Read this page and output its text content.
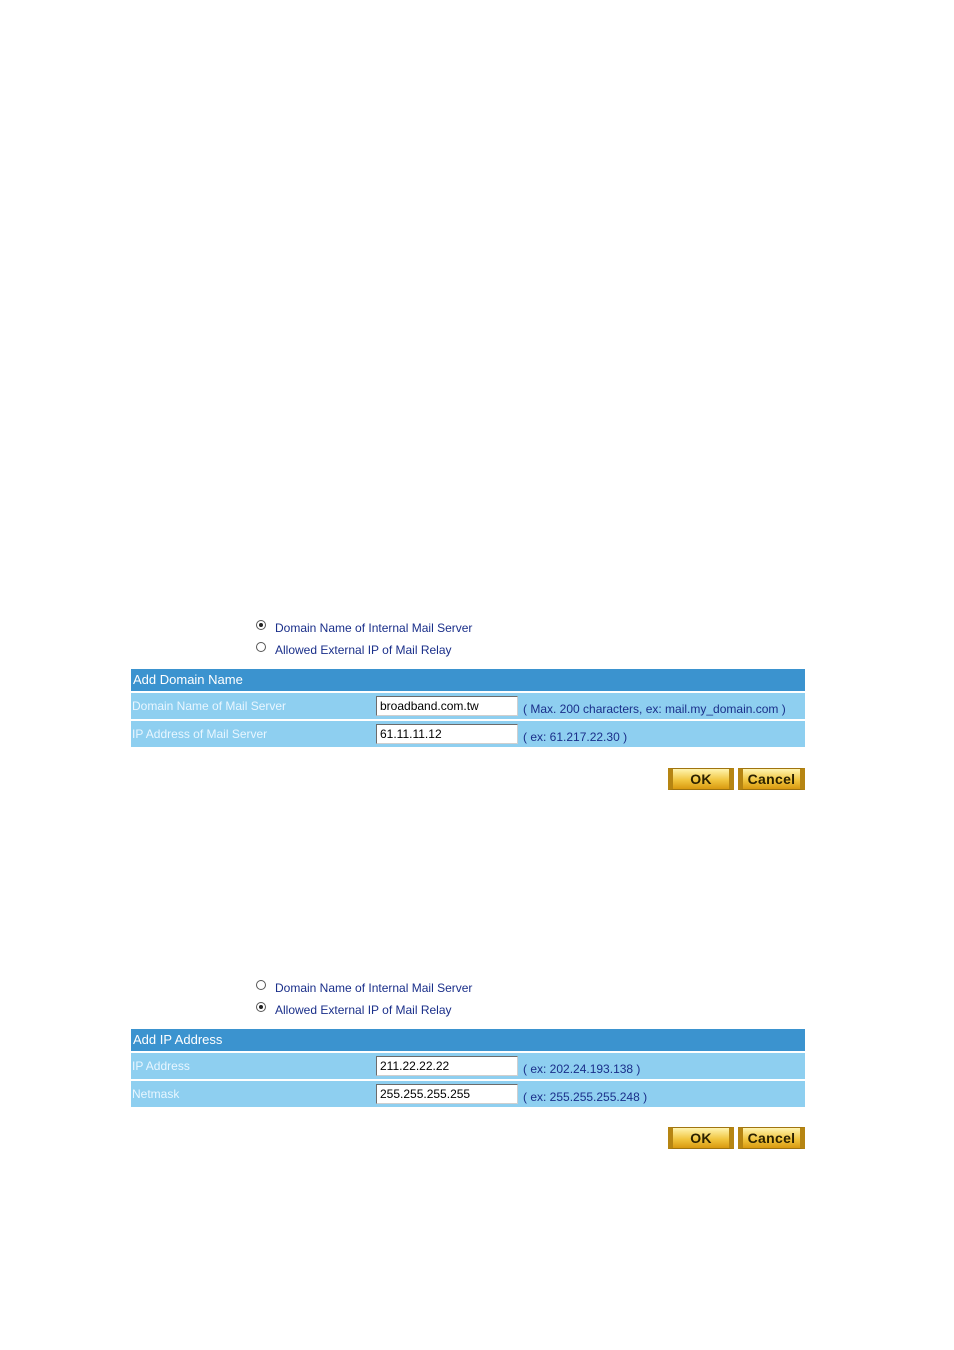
Domain Name of Internal Mail Server
Allowed External IP of Mail Relay
Add Domain Name
Domain Name of Mail Server
broadband.com.tw	( Max. 200 characters, ex: mail.my_domain.com )
IP Address of Mail Server
61.11.11.12	( ex: 61.217.22.30 )
OK	Cancel
Domain Name of Internal Mail Server
Allowed External IP of Mail Relay
Add IP Address
IP Address
211.22.22.22	( ex: 202.24.193.138 )
Netmask
255.255.255.255	( ex: 255.255.255.248 )
OK	Cancel
